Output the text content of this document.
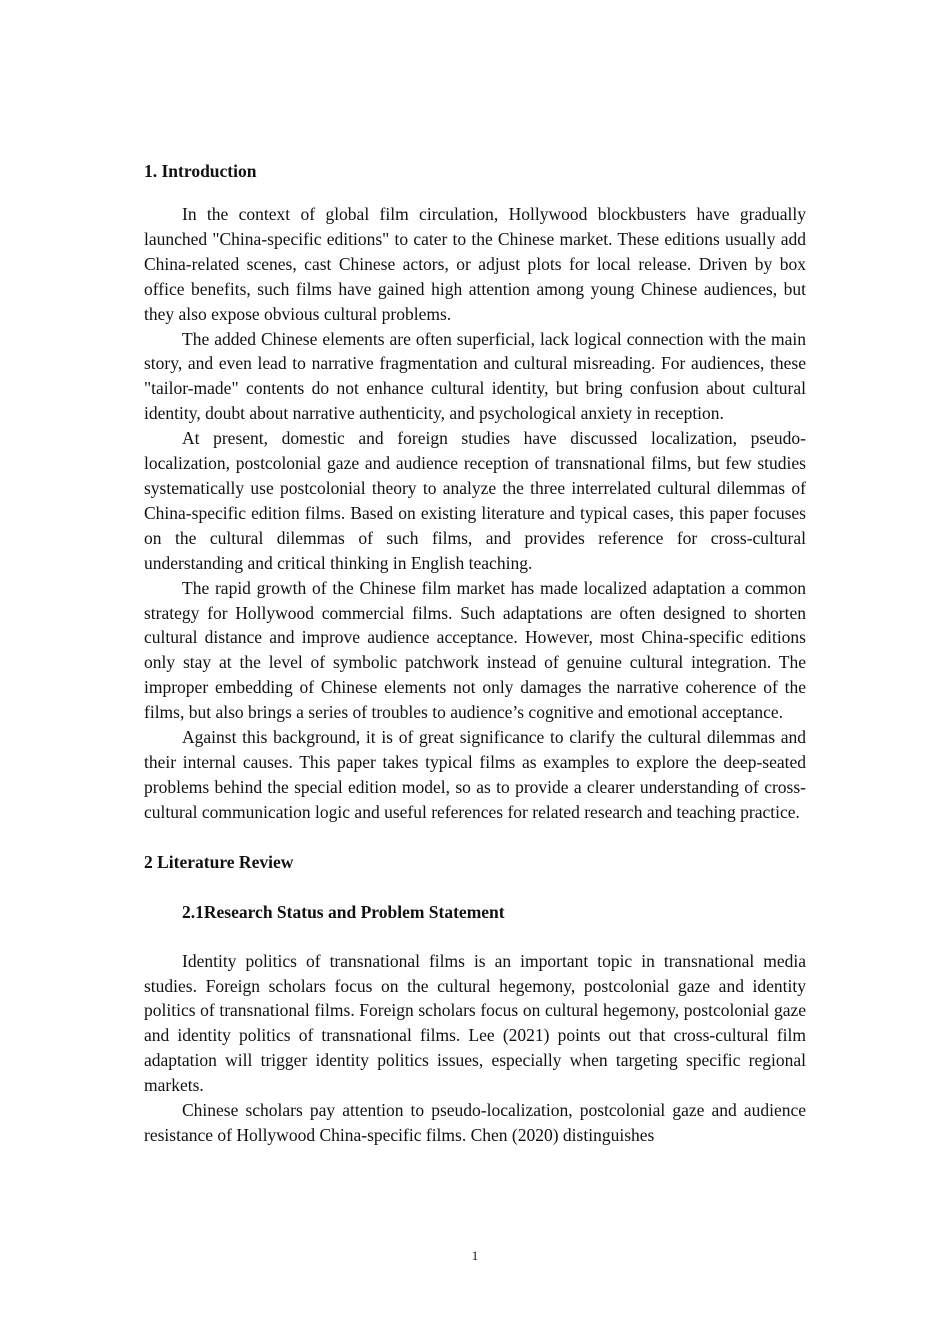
1. Introduction

In the context of global film circulation, Hollywood blockbusters have gradually launched "China-specific editions" to cater to the Chinese market. These editions usually add China-related scenes, cast Chinese actors, or adjust plots for local release. Driven by box office benefits, such films have gained high attention among young Chinese audiences, but they also expose obvious cultural problems.

The added Chinese elements are often superficial, lack logical connection with the main story, and even lead to narrative fragmentation and cultural misreading. For audiences, these "tailor-made" contents do not enhance cultural identity, but bring confusion about cultural identity, doubt about narrative authenticity, and psychological anxiety in reception.

At present, domestic and foreign studies have discussed localization, pseudo-localization, postcolonial gaze and audience reception of transnational films, but few studies systematically use postcolonial theory to analyze the three interrelated cultural dilemmas of China-specific edition films. Based on existing literature and typical cases, this paper focuses on the cultural dilemmas of such films, and provides reference for cross-cultural understanding and critical thinking in English teaching.

The rapid growth of the Chinese film market has made localized adaptation a common strategy for Hollywood commercial films. Such adaptations are often designed to shorten cultural distance and improve audience acceptance. However, most China-specific editions only stay at the level of symbolic patchwork instead of genuine cultural integration. The improper embedding of Chinese elements not only damages the narrative coherence of the films, but also brings a series of troubles to audience’s cognitive and emotional acceptance.

Against this background, it is of great significance to clarify the cultural dilemmas and their internal causes. This paper takes typical films as examples to explore the deep-seated problems behind the special edition model, so as to provide a clearer understanding of cross-cultural communication logic and useful references for related research and teaching practice.

2 Literature Review
2.1Research Status and Problem Statement

Identity politics of transnational films is an important topic in transnational media studies. Foreign scholars focus on the cultural hegemony, postcolonial gaze and identity politics of transnational films. Foreign scholars focus on cultural hegemony, postcolonial gaze and identity politics of transnational films. Lee (2021) points out that cross-cultural film adaptation will trigger identity politics issues, especially when targeting specific regional markets.

Chinese scholars pay attention to pseudo-localization, postcolonial gaze and audience resistance of Hollywood China-specific films. Chen (2020) distinguishes

1
